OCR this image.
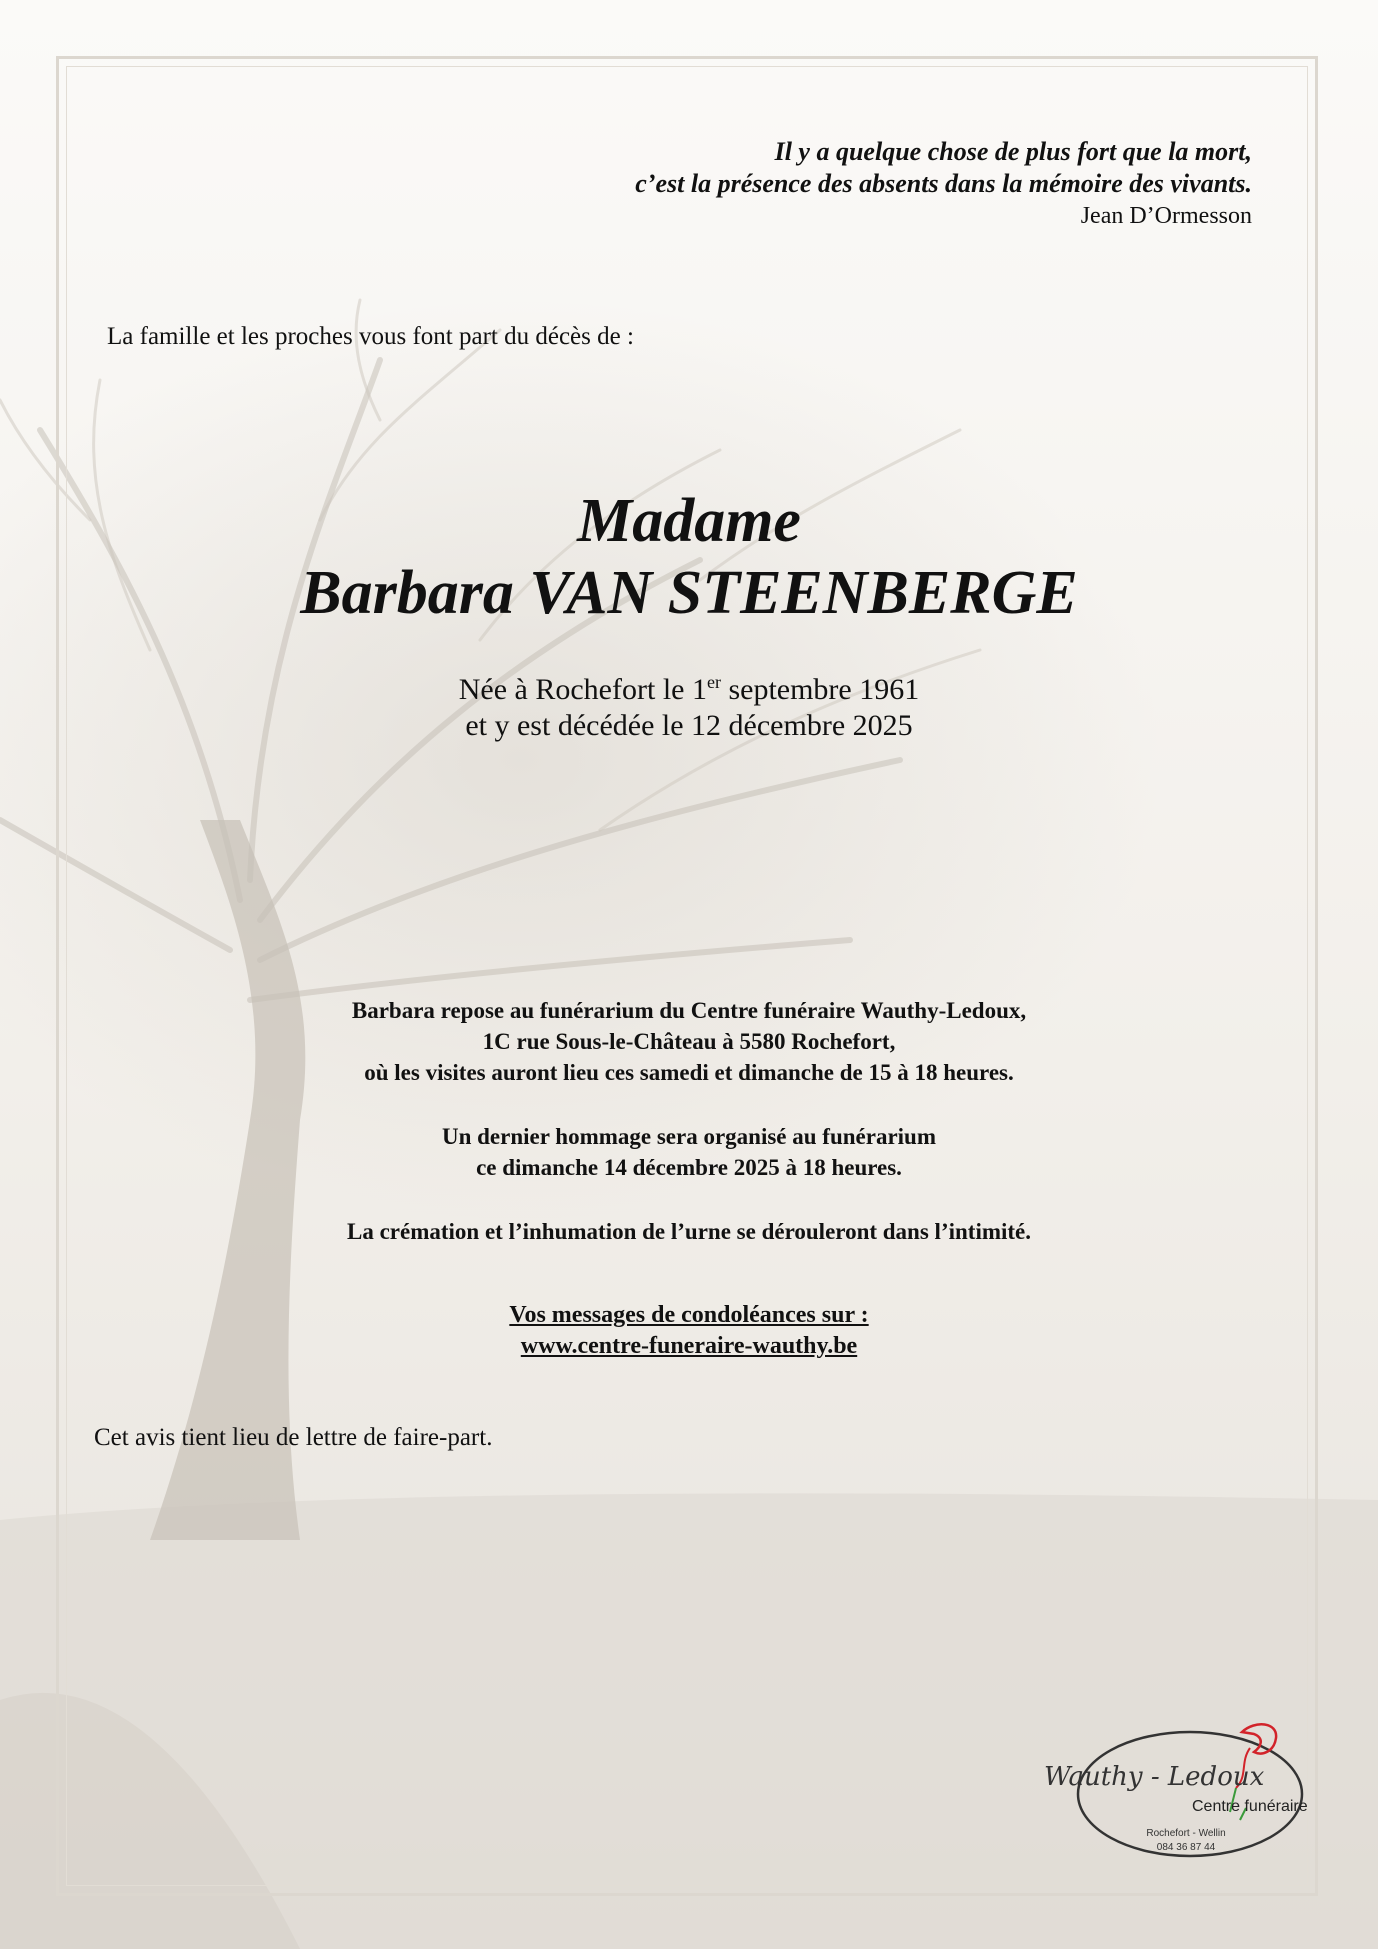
Il y a quelque chose de plus fort que la mort,
c’est la présence des absents dans la mémoire des vivants.
Jean D’Ormesson
La famille et les proches vous font part du décès de :
Madame
Barbara VAN STEENBERGE
Née à Rochefort le 1er septembre 1961
et y est décédée le 12 décembre 2025

Barbara repose au funérarium du Centre funéraire Wauthy-Ledoux,

1C rue Sous-le-Château à 5580 Rochefort,

où les visites auront lieu ces samedi et dimanche de 15 à 18 heures.

Un dernier hommage sera organisé au funérarium

ce dimanche 14 décembre 2025 à 18 heures.

La crémation et l’inhumation de l’urne se dérouleront dans l’intimité.

Vos messages de condoléances sur :

www.centre-funeraire-wauthy.be

Cet avis tient lieu de lettre de faire-part.
Wauthy - Ledoux
Centre funéraire
Rochefort - Wellin
084 36 87 44
